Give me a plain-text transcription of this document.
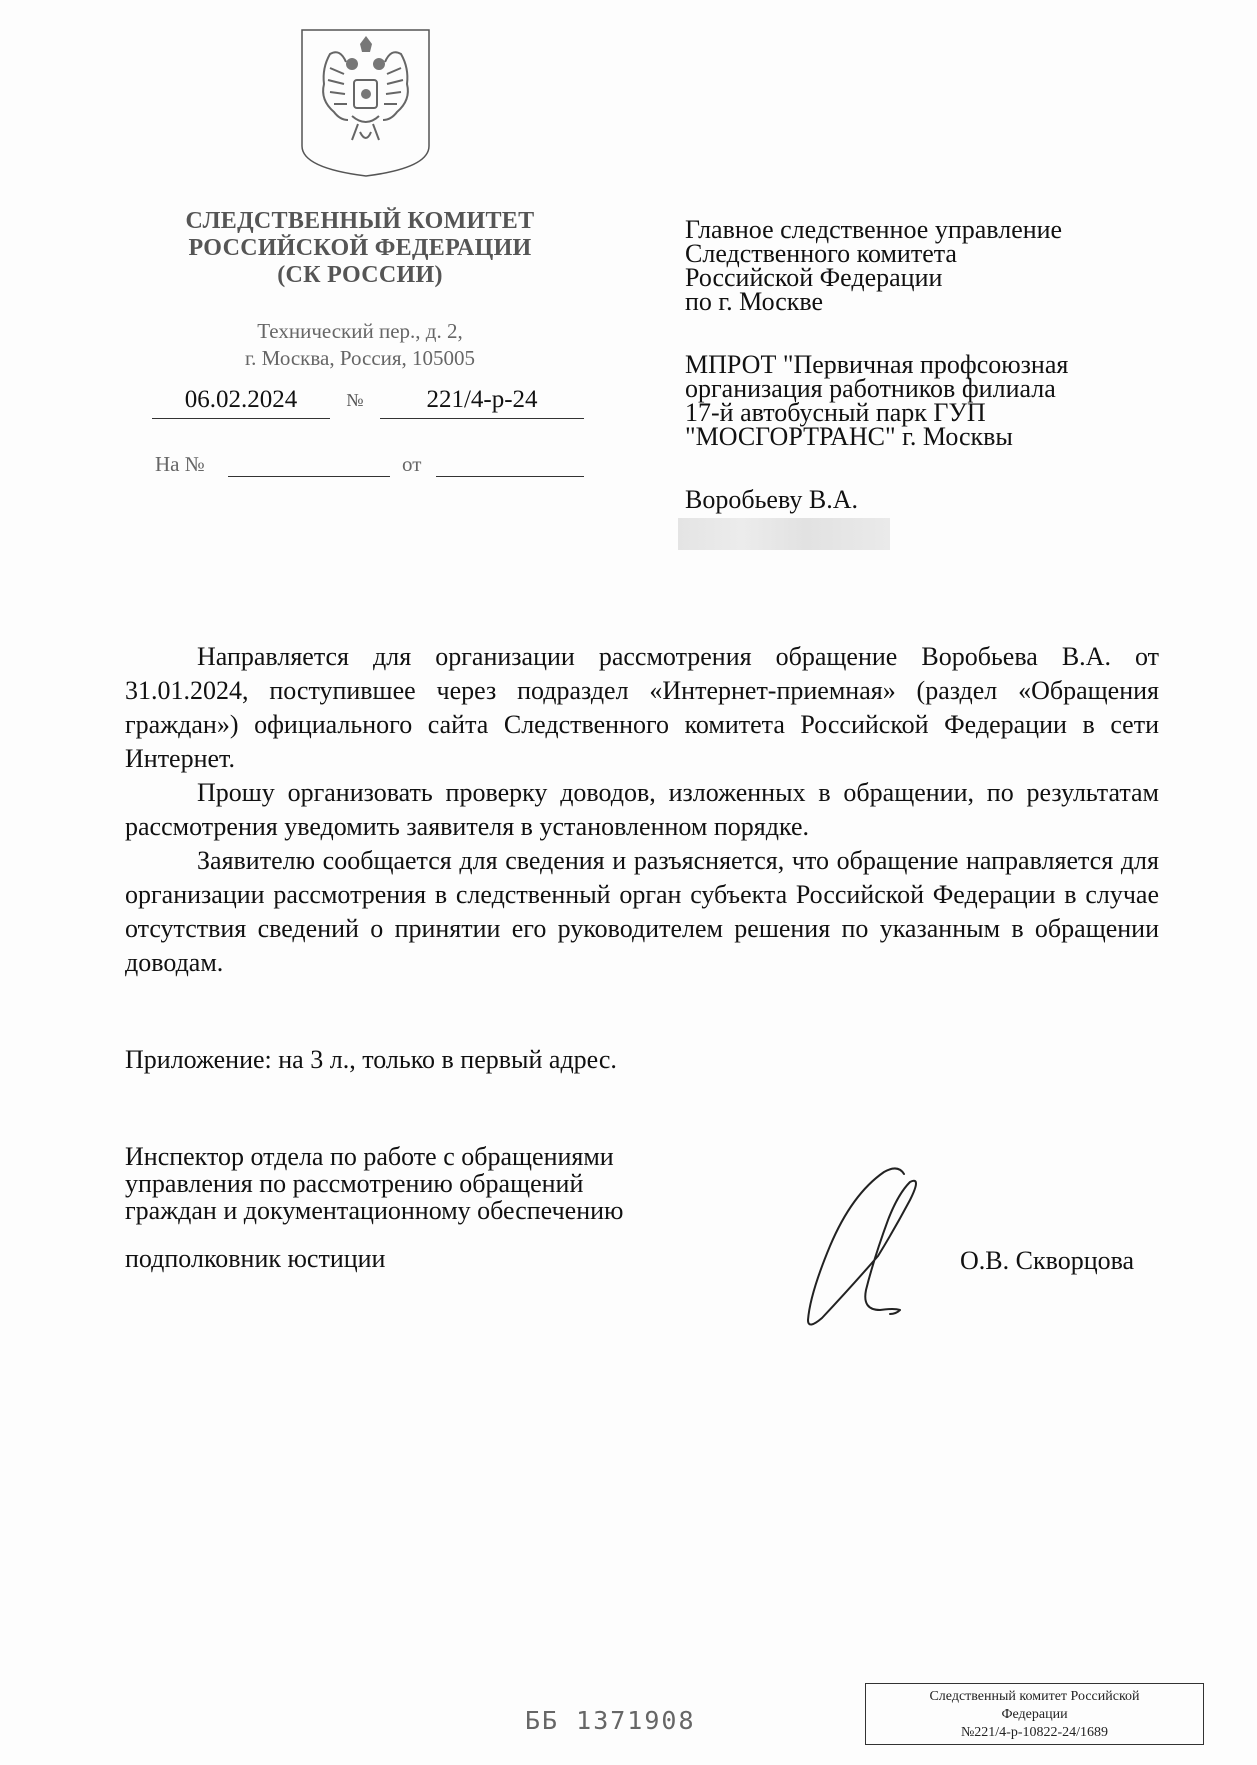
СЛЕДСТВЕННЫЙ КОМИТЕТ
РОССИЙСКОЙ ФЕДЕРАЦИИ
(СК РОССИИ)
Технический пер., д. 2,
г. Москва, Россия, 105005
06.02.2024	№	221/4-р-24
На №	от
Главное следственное управление
Следственного комитета
Российской Федерации
по г. Москве
МПРОТ "Первичная профсоюзная
организация работников филиала
17-й автобусный парк ГУП
"МОСГОРТРАНС" г. Москвы
Воробьеву В.А.

Направляется для организации рассмотрения обращение Воробьева В.А. от 31.01.2024, поступившее через подраздел «Интернет-приемная» (раздел «Обращения граждан») официального сайта Следственного комитета Российской Федерации в сети Интернет.

Прошу организовать проверку доводов, изложенных в обращении, по результатам рассмотрения уведомить заявителя в установленном порядке.

Заявителю сообщается для сведения и разъясняется, что обращение направляется для организации рассмотрения в следственный орган субъекта Российской Федерации в случае отсутствия сведений о принятии его руководителем решения по указанным в обращении доводам.

Приложение: на 3 л., только в первый адрес.
Инспектор отдела по работе с обращениями
управления по рассмотрению обращений
граждан и документационному обеспечению
подполковник юстиции	О.В. Скворцова
ББ 1371908
Следственный комитет Российской
Федерации
№221/4-р-10822-24/1689
